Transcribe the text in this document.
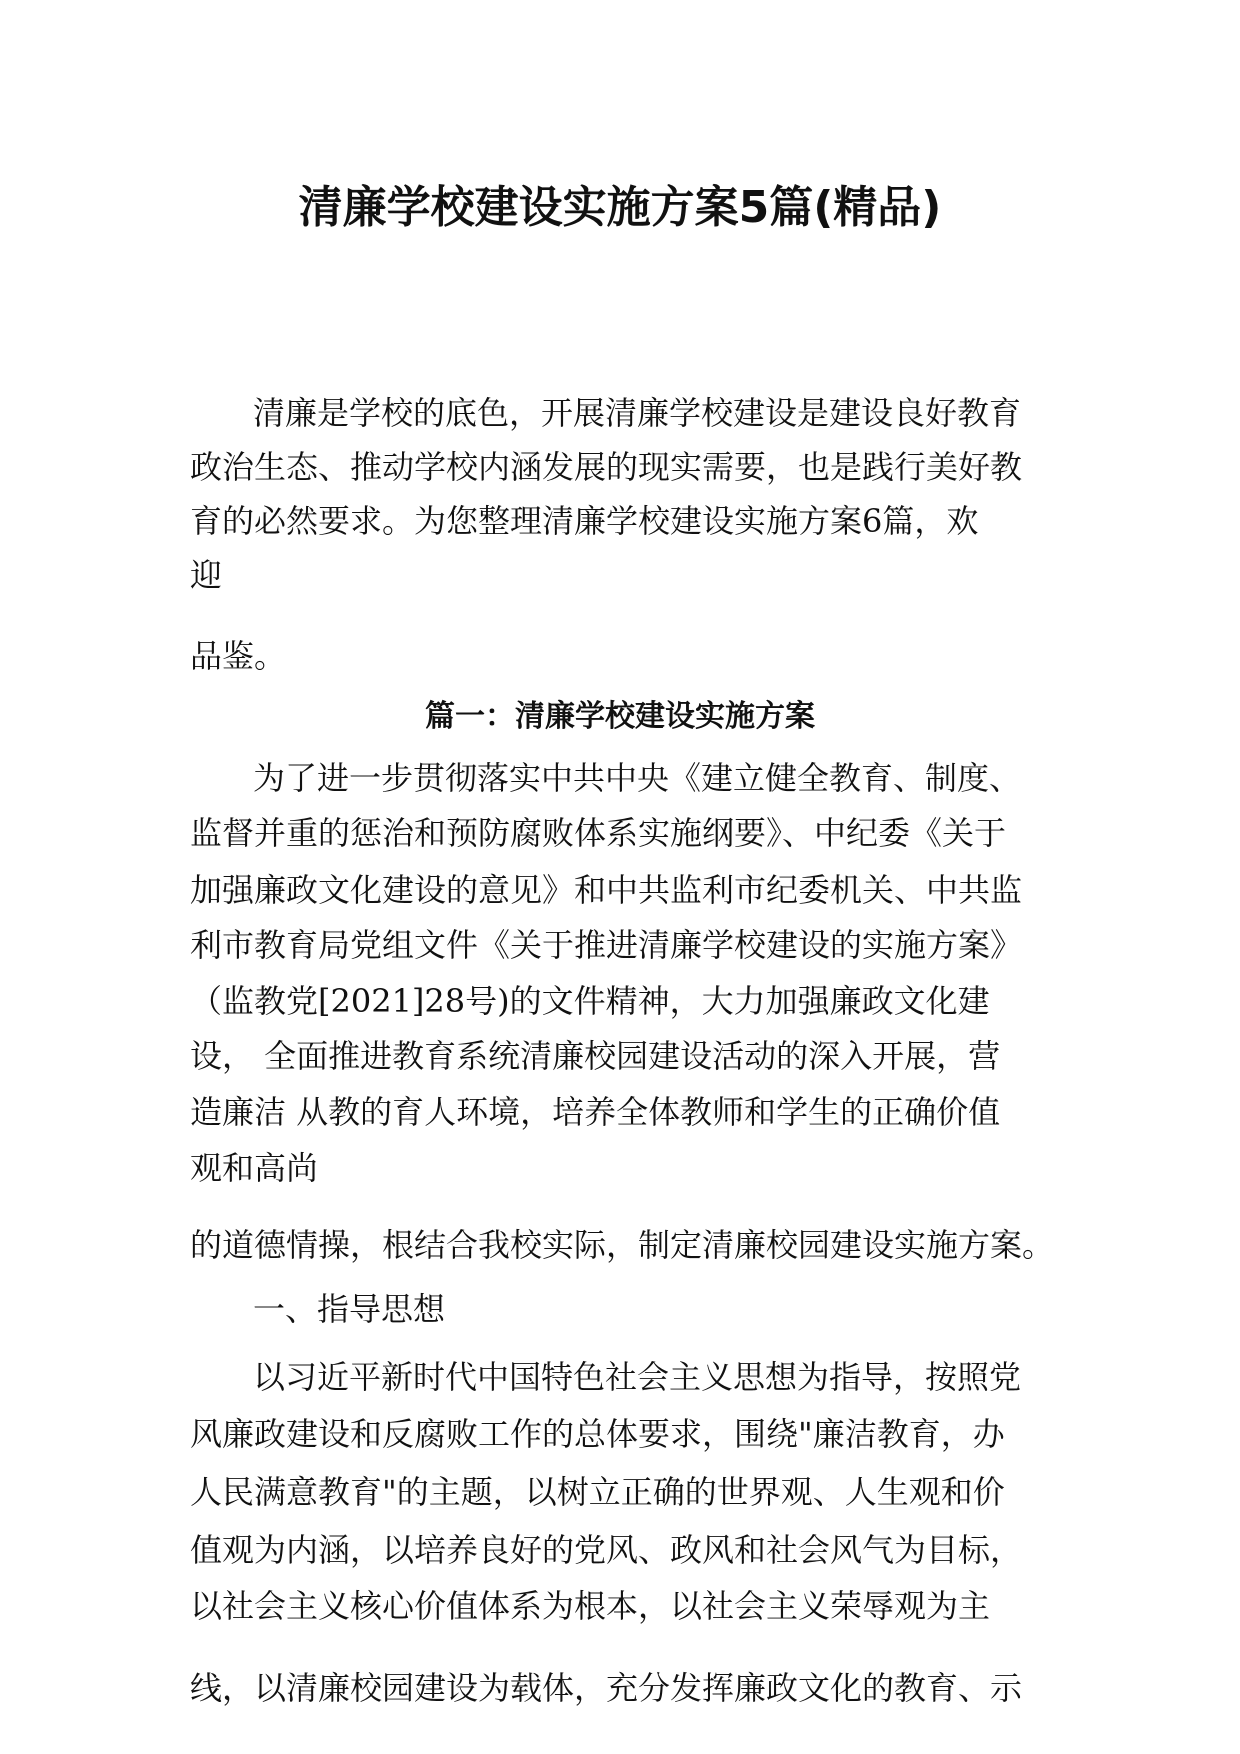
清廉学校建设实施方案5篇(精品)
清廉是学校的底色，开展清廉学校建设是建设良好教育
政治生态、推动学校内涵发展的现实需要，也是践行美好教
育的必然要求。为您整理清廉学校建设实施方案6篇，欢
迎
品鉴。
篇一：清廉学校建设实施方案
为了进一步贯彻落实中共中央《建立健全教育、制度、
监督并重的惩治和预防腐败体系实施纲要》、中纪委《关于
加强廉政文化建设的意见》和中共监利市纪委机关、中共监
利市教育局党组文件《关于推进清廉学校建设的实施方案》
（监教党[2021]28号)的文件精神，大力加强廉政文化建
设， 全面推进教育系统清廉校园建设活动的深入开展，营
造廉洁 从教的育人环境，培养全体教师和学生的正确价值
观和高尚
的道德情操，根结合我校实际，制定清廉校园建设实施方案。
一、指导思想
以习近平新时代中国特色社会主义思想为指导，按照党
风廉政建设和反腐败工作的总体要求，围绕"廉洁教育，办
人民满意教育"的主题，以树立正确的世界观、人生观和价
值观为内涵，以培养良好的党风、政风和社会风气为目标，
以社会主义核心价值体系为根本，以社会主义荣辱观为主
线，以清廉校园建设为载体，充分发挥廉政文化的教育、示
